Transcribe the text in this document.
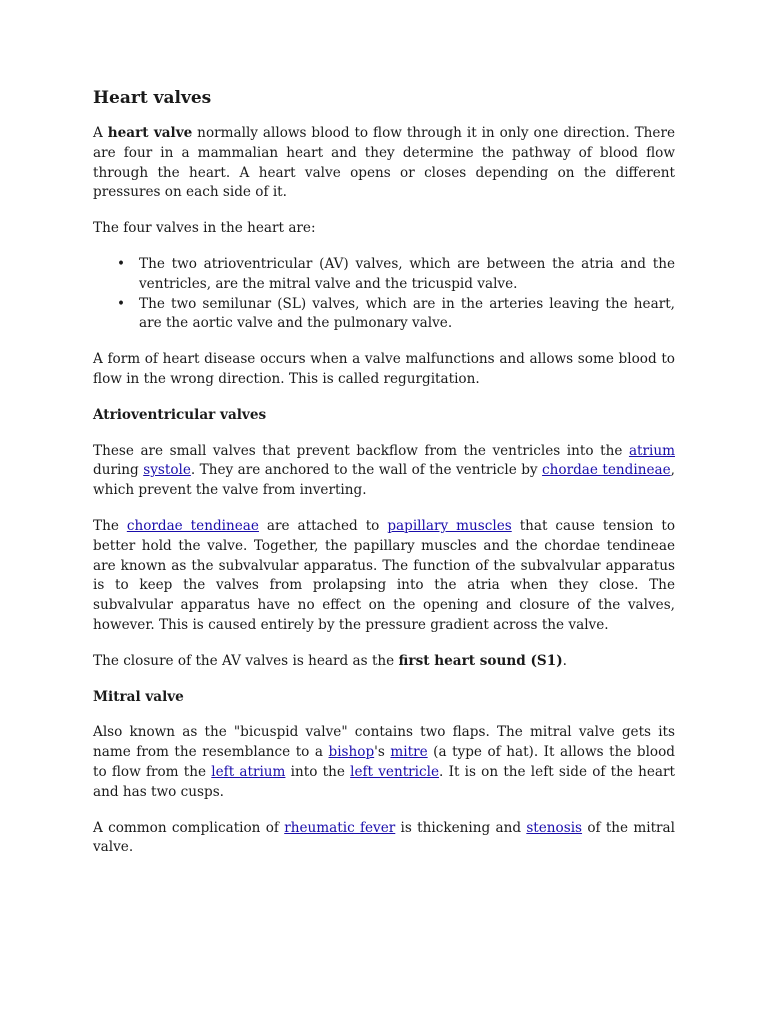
Heart valves

A heart valve normally allows blood to flow through it in only one direction. There are four in a mammalian heart and they determine the pathway of blood flow through the heart. A heart valve opens or closes depending on the different pressures on each side of it.

The four valves in the heart are:

• The two atrioventricular (AV) valves, which are between the atria and the ventricles, are the mitral valve and the tricuspid valve.
• The two semilunar (SL) valves, which are in the arteries leaving the heart, are the aortic valve and the pulmonary valve.

A form of heart disease occurs when a valve malfunctions and allows some blood to flow in the wrong direction. This is called regurgitation.

Atrioventricular valves

These are small valves that prevent backflow from the ventricles into the atrium during systole. They are anchored to the wall of the ventricle by chordae tendineae, which prevent the valve from inverting.

The chordae tendineae are attached to papillary muscles that cause tension to better hold the valve. Together, the papillary muscles and the chordae tendineae are known as the subvalvular apparatus. The function of the subvalvular apparatus is to keep the valves from prolapsing into the atria when they close. The subvalvular apparatus have no effect on the opening and closure of the valves, however. This is caused entirely by the pressure gradient across the valve.

The closure of the AV valves is heard as the first heart sound (S1).

Mitral valve

Also known as the "bicuspid valve" contains two flaps. The mitral valve gets its name from the resemblance to a bishop's mitre (a type of hat). It allows the blood to flow from the left atrium into the left ventricle. It is on the left side of the heart and has two cusps.

A common complication of rheumatic fever is thickening and stenosis of the mitral valve.
